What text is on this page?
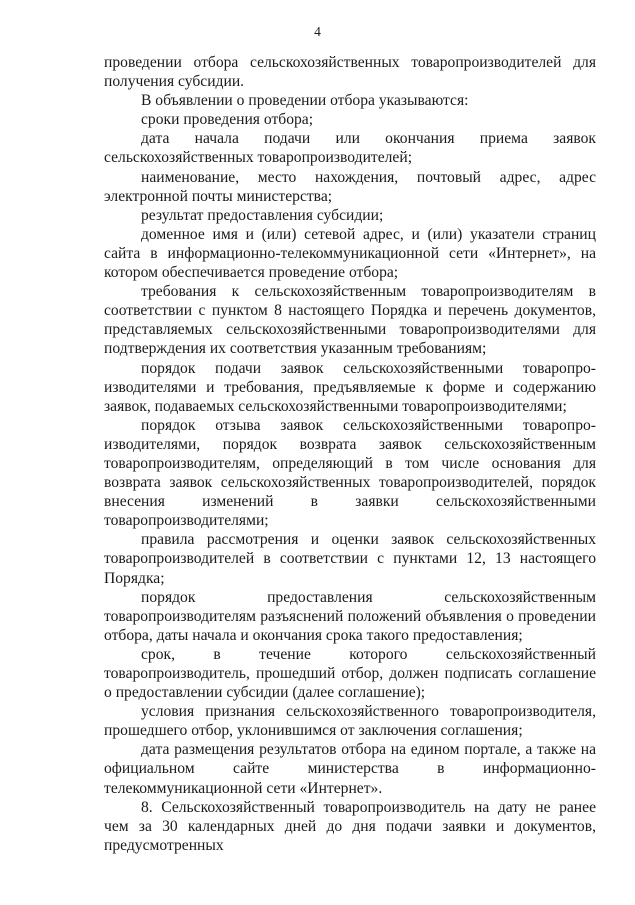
4

проведении отбора сельскохозяйственных товаропроизводителей для получения субсидии.

В объявлении о проведении отбора указываются:

сроки проведения отбора;

дата начала подачи или окончания приема заявок сельскохозяйственных товаропроизводителей;

наименование, место нахождения, почтовый адрес, адрес электронной почты министерства;

результат предоставления субсидии;

доменное имя и (или) сетевой адрес, и (или) указатели страниц сайта в информационно-телекоммуникационной сети «Интернет», на котором обеспечивается проведение отбора;

требования к сельскохозяйственным товаропроизводителям в соответствии с пунктом 8 настоящего Порядка и перечень документов, представляемых сельскохозяйственными товаропроизводителями для подтверждения их соответствия указанным требованиям;

порядок подачи заявок сельскохозяйственными товаропроизводителями и требования, предъявляемые к форме и содержанию заявок, подаваемых сельскохозяйственными товаропроизводителями;

порядок отзыва заявок сельскохозяйственными товаропроизводителями, порядок возврата заявок сельскохозяйственным товаропроизводителям, определяющий в том числе основания для возврата заявок сельскохозяйственных товаропроизводителей, порядок внесения изменений в заявки сельскохозяйственными товаропроизводителями;

правила рассмотрения и оценки заявок сельскохозяйственных товаропроизводителей в соответствии с пунктами 12, 13 настоящего Порядка;

порядок предоставления сельскохозяйственным товаропроизводителям разъяснений положений объявления о проведении отбора, даты начала и окончания срока такого предоставления;

срок, в течение которого сельскохозяйственный товаропроизводитель, прошедший отбор, должен подписать соглашение о предоставлении субсидии (далее соглашение);

условия признания сельскохозяйственного товаропроизводителя, прошедшего отбор, уклонившимся от заключения соглашения;

дата размещения результатов отбора на едином портале, а также на официальном сайте министерства в информационно-телекоммуникационной сети «Интернет».

8. Сельскохозяйственный товаропроизводитель на дату не ранее чем за 30 календарных дней до дня подачи заявки и документов, предусмотренных
